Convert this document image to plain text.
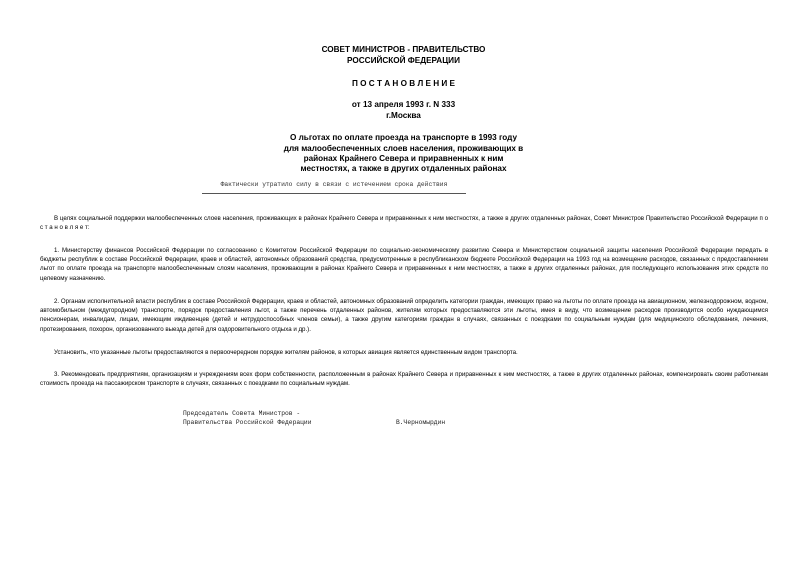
СОВЕТ МИНИСТРОВ - ПРАВИТЕЛЬСТВО
РОССИЙСКОЙ ФЕДЕРАЦИИ
П О С Т А Н О В Л Е Н И Е
от 13 апреля 1993 г. N 333
г.Москва
О льготах по оплате проезда на транспорте в 1993 году
для малообеспеченных слоев населения, проживающих в
районах Крайнего Севера и приравненных к ним
местностях, а также в других отдаленных районах
Фактически утратило силу в связи с истечением срока действия
В целях социальной поддержки малообеспеченных слоев населения, проживающих в районах Крайнего Севера и приравненных к ним местностях, а также в других отдаленных районах, Совет Министров Правительство Российской Федерации п о с т а н о в л я е т:
1. Министерству финансов Российской Федерации по согласованию с Комитетом Российской Федерации по социально-экономическому развитию Севера и Министерством социальной защиты населения Российской Федерации передать в бюджеты республик в составе Российской Федерации, краев и областей, автономных образований средства, предусмотренные в республиканском бюджете Российской Федерации на 1993 год на возмещение расходов, связанных с предоставлением льгот по оплате проезда на транспорте малообеспеченным слоям населения, проживающим в районах Крайнего Севера и приравненных к ним местностях, а также в других отдаленных районах, для последующего использования этих средств по целевому назначению.
2. Органам исполнительной власти республик в составе Российской Федерации, краев и областей, автономных образований определить категории граждан, имеющих право на льготы по оплате проезда на авиационном, железнодорожном, водном, автомобильном (междугородном) транспорте, порядок предоставления льгот, а также перечень отдаленных районов, жителям которых предоставляются эти льготы, имея в виду, что возмещение расходов производится особо нуждающимся пенсионерам, инвалидам, лицам, имеющим иждивенцев (детей и нетрудоспособных членов семьи), а также другим категориям граждан в случаях, связанных с поездками по социальным нуждам (для медицинского обследования, лечения, протезирования, похорон, организованного выезда детей для оздоровительного отдыха и др.).
Установить, что указанные льготы предоставляются в первоочередном порядке жителям районов, в которых авиация является единственным видом транспорта.
3. Рекомендовать предприятиям, организациям и учреждениям всех форм собственности, расположенным в районах Крайнего Севера и приравненных к ним местностях, а также в других отдаленных районах, компенсировать своим работникам стоимость проезда на пассажирском транспорте в случаях, связанных с поездками по социальным нуждам.
Председатель Совета Министров -
Правительства Российской Федерации	В.Черномырдин
